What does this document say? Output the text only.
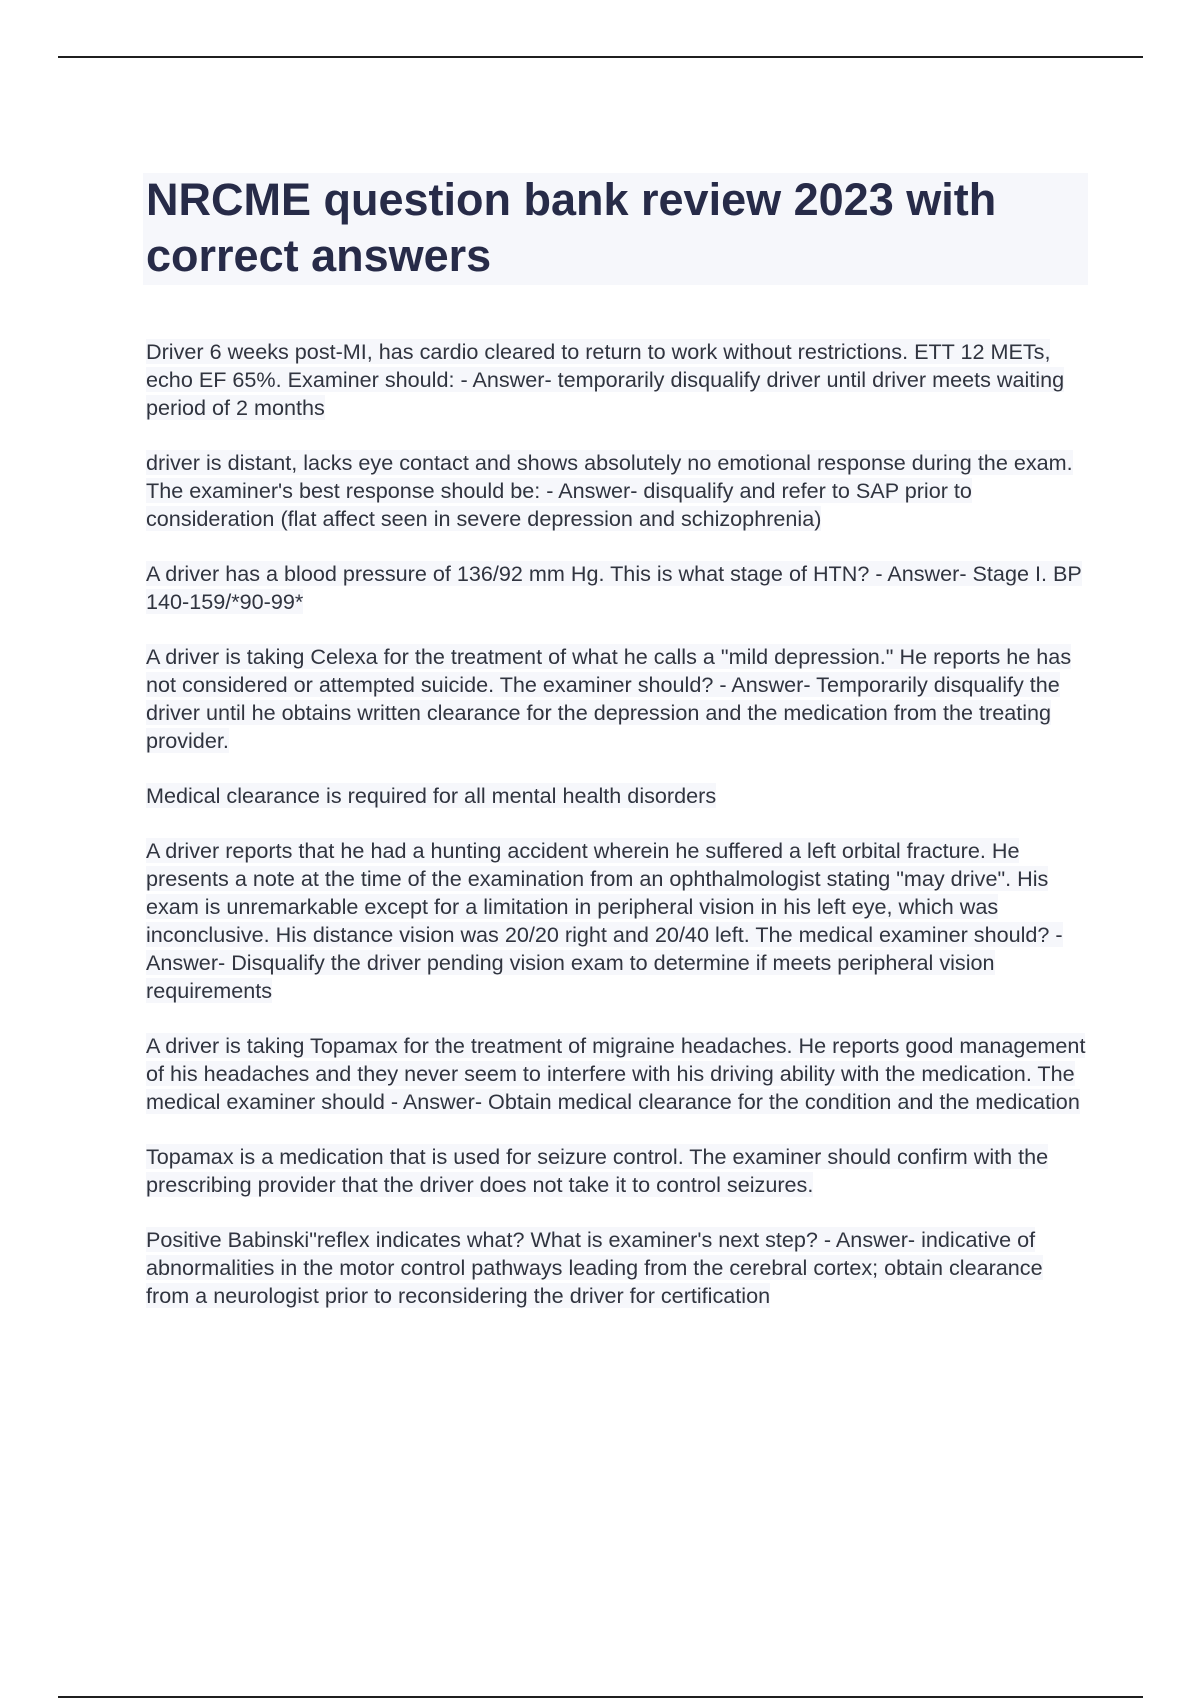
NRCME question bank review 2023 with correct answers

Driver 6 weeks post-MI, has cardio cleared to return to work without restrictions. ETT 12 METs, echo EF 65%. Examiner should: - Answer- temporarily disqualify driver until driver meets waiting period of 2 months

driver is distant, lacks eye contact and shows absolutely no emotional response during the exam. The examiner's best response should be: - Answer- disqualify and refer to SAP prior to consideration (flat affect seen in severe depression and schizophrenia)

A driver has a blood pressure of 136/92 mm Hg. This is what stage of HTN? - Answer- Stage I. BP 140-159/*90-99*

A driver is taking Celexa for the treatment of what he calls a "mild depression." He reports he has not considered or attempted suicide. The examiner should? - Answer- Temporarily disqualify the driver until he obtains written clearance for the depression and the medication from the treating provider.

Medical clearance is required for all mental health disorders

A driver reports that he had a hunting accident wherein he suffered a left orbital fracture. He presents a note at the time of the examination from an ophthalmologist stating "may drive". His exam is unremarkable except for a limitation in peripheral vision in his left eye, which was inconclusive. His distance vision was 20/20 right and 20/40 left. The medical examiner should? - Answer- Disqualify the driver pending vision exam to determine if meets peripheral vision requirements

A driver is taking Topamax for the treatment of migraine headaches. He reports good management of his headaches and they never seem to interfere with his driving ability with the medication. The medical examiner should - Answer- Obtain medical clearance for the condition and the medication

Topamax is a medication that is used for seizure control. The examiner should confirm with the prescribing provider that the driver does not take it to control seizures.

Positive Babinski"reflex indicates what? What is examiner's next step? - Answer- indicative of abnormalities in the motor control pathways leading from the cerebral cortex; obtain clearance from a neurologist prior to reconsidering the driver for certification
